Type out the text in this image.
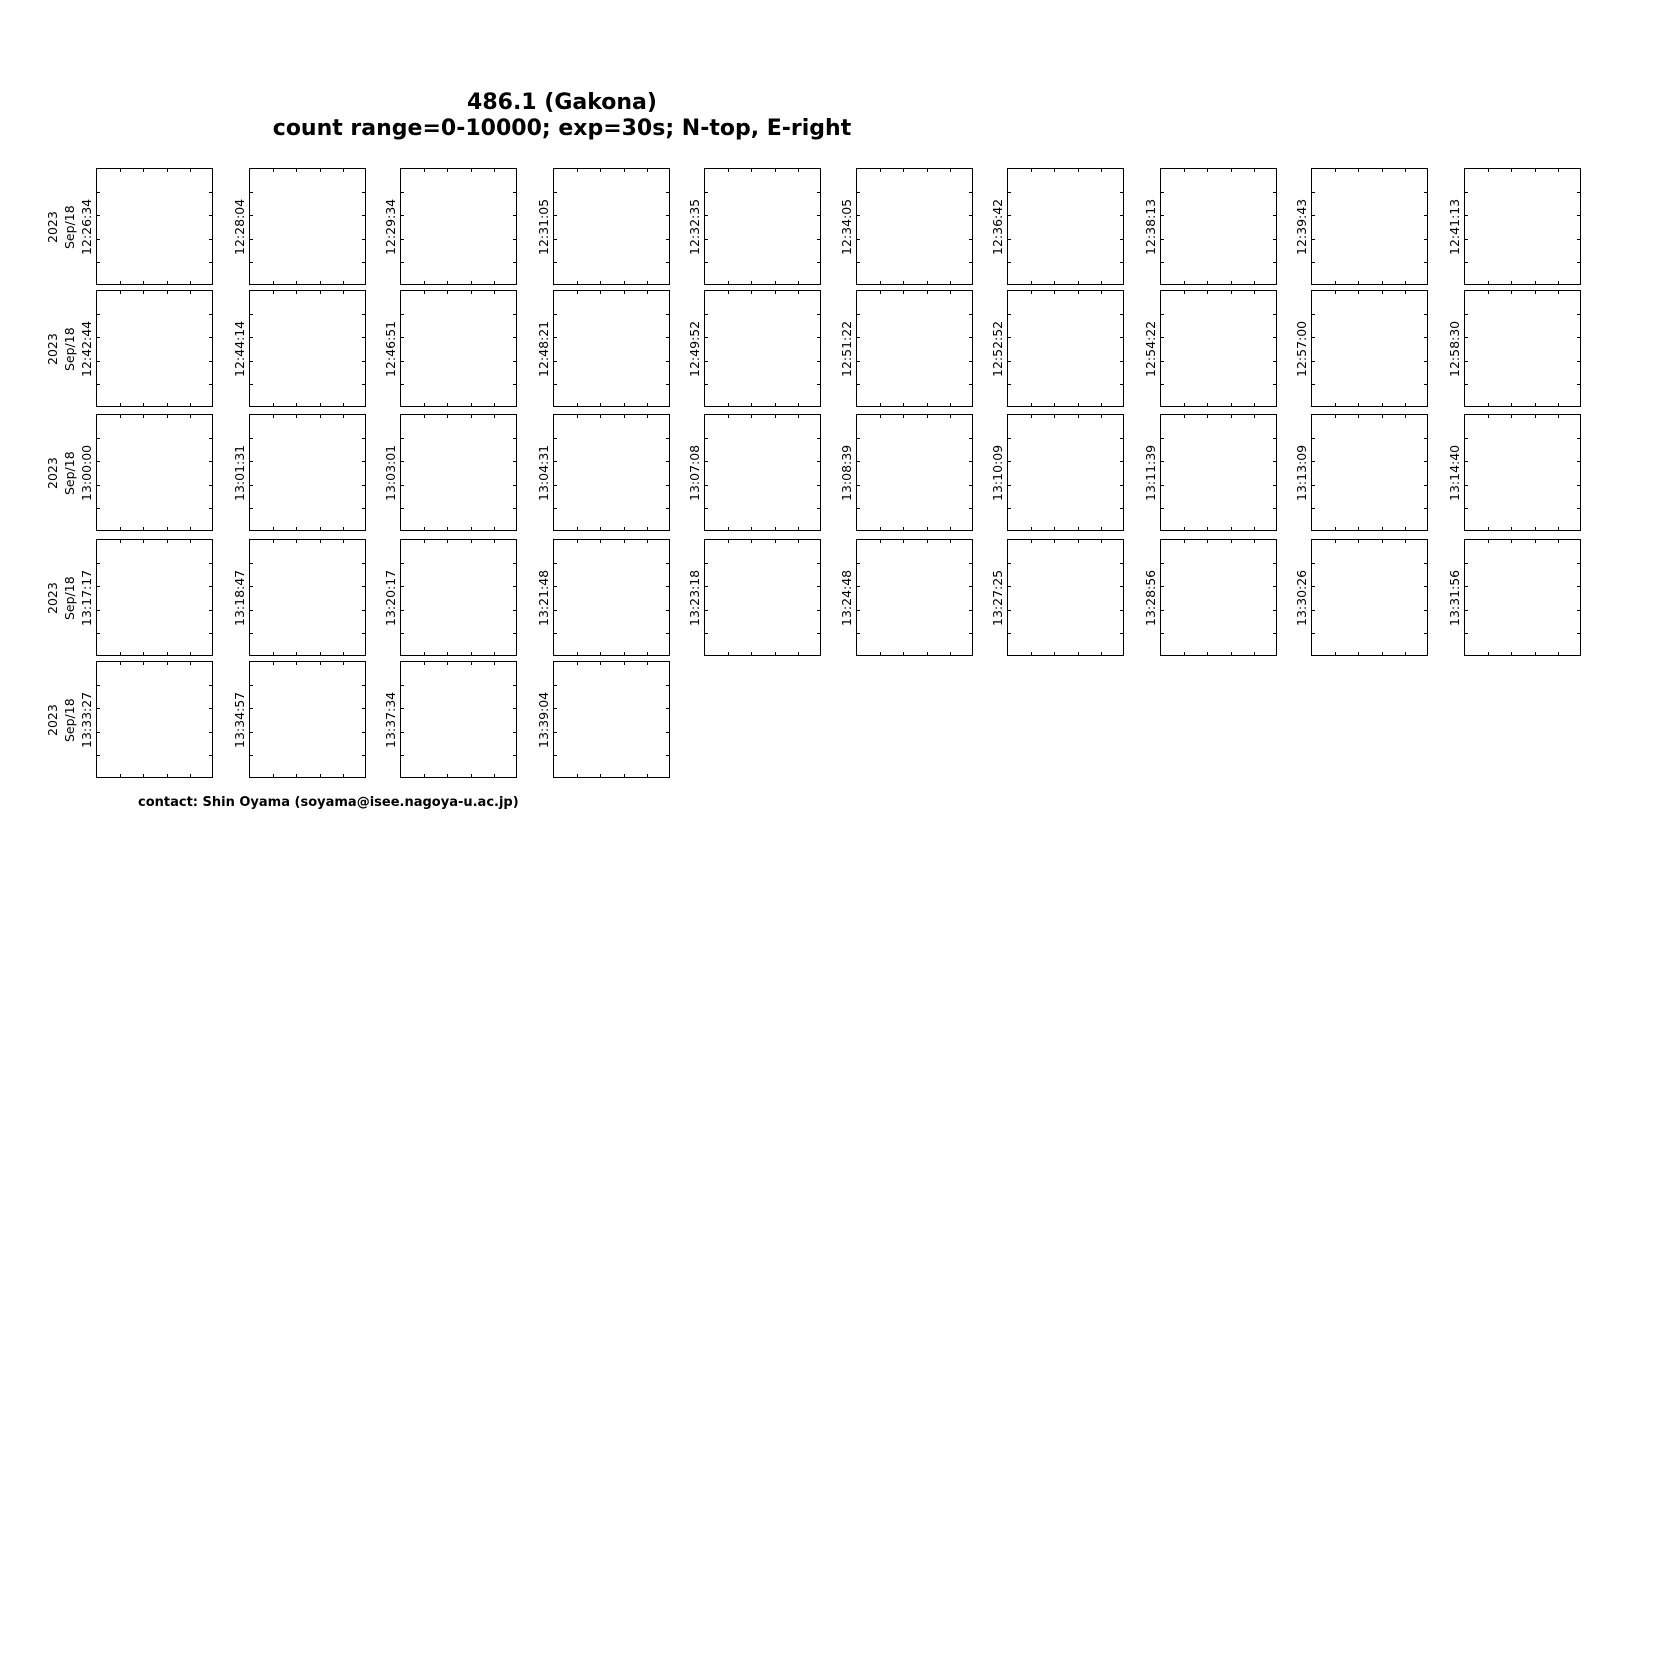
486.1 (Gakona)
count range=0-10000; exp=30s; N-top, E-right
2023 Sep/18 12:26:34	12:28:04	12:29:34	12:31:05	12:32:35	12:34:05	12:36:42	12:38:13	12:39:43	12:41:13
2023 Sep/18 12:42:44	12:44:14	12:46:51	12:48:21	12:49:52	12:51:22	12:52:52	12:54:22	12:57:00	12:58:30
2023 Sep/18 13:00:00	13:01:31	13:03:01	13:04:31	13:07:08	13:08:39	13:10:09	13:11:39	13:13:09	13:14:40
2023 Sep/18 13:17:17	13:18:47	13:20:17	13:21:48	13:23:18	13:24:48	13:27:25	13:28:56	13:30:26	13:31:56
2023 Sep/18 13:33:27	13:34:57	13:37:34	13:39:04
contact: Shin Oyama (soyama@isee.nagoya-u.ac.jp)
